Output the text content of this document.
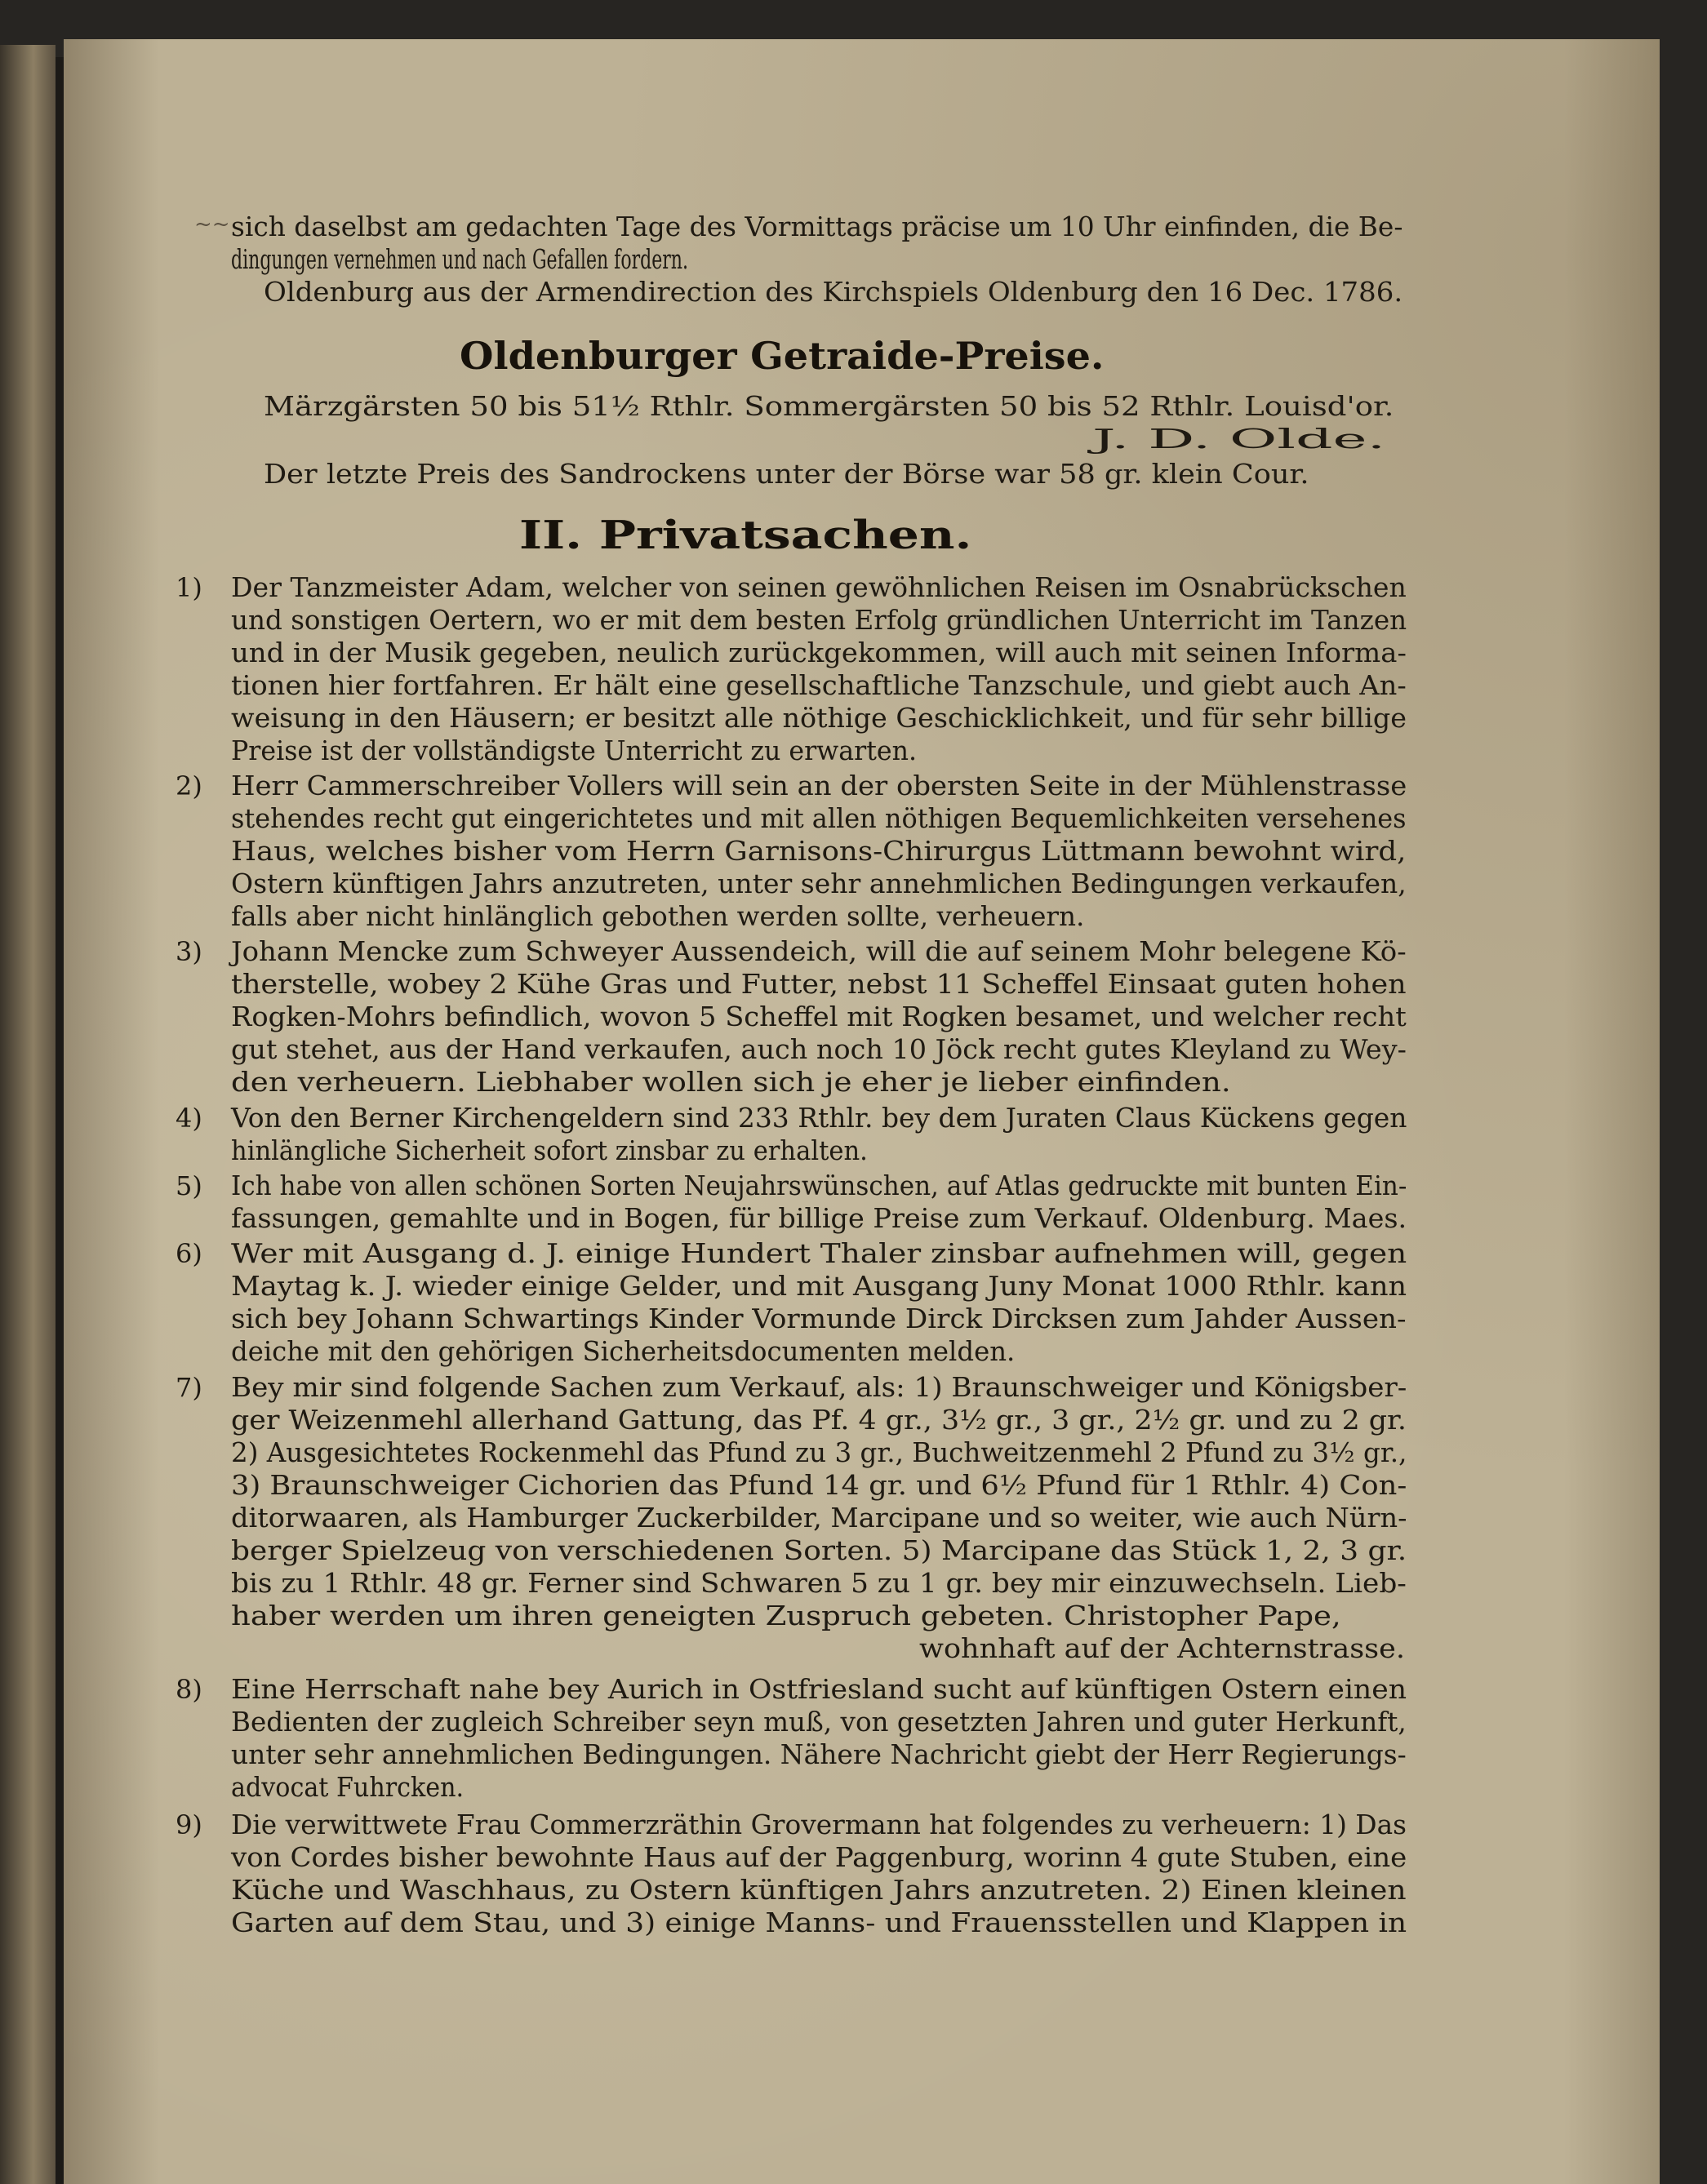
~~ sich daselbst am gedachten Tage des Vormittags präcise um 10 Uhr einfinden, die Be-

dingungen vernehmen und nach Gefallen fordern.

Oldenburg aus der Armendirection des Kirchspiels Oldenburg den 16 Dec. 1786.

Oldenburger Getraide-Preise.

Märzgärsten 50 bis 51½ Rthlr. Sommergärsten 50 bis 52 Rthlr. Louisd'or.

J. D. Olde.

Der letzte Preis des Sandrockens unter der Börse war 58 gr. klein Cour.

II. Privatsachen.

1) Der Tanzmeister Adam, welcher von seinen gewöhnlichen Reisen im Osnabrückschen

und sonstigen Oertern, wo er mit dem besten Erfolg gründlichen Unterricht im Tanzen

und in der Musik gegeben, neulich zurückgekommen, will auch mit seinen Informa-

tionen hier fortfahren. Er hält eine gesellschaftliche Tanzschule, und giebt auch An-

weisung in den Häusern; er besitzt alle nöthige Geschicklichkeit, und für sehr billige

Preise ist der vollständigste Unterricht zu erwarten.

2) Herr Cammerschreiber Vollers will sein an der obersten Seite in der Mühlenstrasse

stehendes recht gut eingerichtetes und mit allen nöthigen Bequemlichkeiten versehenes

Haus, welches bisher vom Herrn Garnisons-Chirurgus Lüttmann bewohnt wird,

Ostern künftigen Jahrs anzutreten, unter sehr annehmlichen Bedingungen verkaufen,

falls aber nicht hinlänglich gebothen werden sollte, verheuern.

3) Johann Mencke zum Schweyer Aussendeich, will die auf seinem Mohr belegene Kö-

therstelle, wobey 2 Kühe Gras und Futter, nebst 11 Scheffel Einsaat guten hohen

Rogken-Mohrs befindlich, wovon 5 Scheffel mit Rogken besamet, und welcher recht

gut stehet, aus der Hand verkaufen, auch noch 10 Jöck recht gutes Kleyland zu Wey-

den verheuern. Liebhaber wollen sich je eher je lieber einfinden.

4) Von den Berner Kirchengeldern sind 233 Rthlr. bey dem Juraten Claus Kückens gegen

hinlängliche Sicherheit sofort zinsbar zu erhalten.

5) Ich habe von allen schönen Sorten Neujahrswünschen, auf Atlas gedruckte mit bunten Ein-

fassungen, gemahlte und in Bogen, für billige Preise zum Verkauf. Oldenburg. Maes.

6) Wer mit Ausgang d. J. einige Hundert Thaler zinsbar aufnehmen will, gegen

Maytag k. J. wieder einige Gelder, und mit Ausgang Juny Monat 1000 Rthlr. kann

sich bey Johann Schwartings Kinder Vormunde Dirck Dircksen zum Jahder Aussen-

deiche mit den gehörigen Sicherheitsdocumenten melden.

7) Bey mir sind folgende Sachen zum Verkauf, als: 1) Braunschweiger und Königsber-

ger Weizenmehl allerhand Gattung, das Pf. 4 gr., 3½ gr., 3 gr., 2½ gr. und zu 2 gr.

2) Ausgesichtetes Rockenmehl das Pfund zu 3 gr., Buchweitzenmehl 2 Pfund zu 3½ gr.,

3) Braunschweiger Cichorien das Pfund 14 gr. und 6½ Pfund für 1 Rthlr. 4) Con-

ditorwaaren, als Hamburger Zuckerbilder, Marcipane und so weiter, wie auch Nürn-

berger Spielzeug von verschiedenen Sorten. 5) Marcipane das Stück 1, 2, 3 gr.

bis zu 1 Rthlr. 48 gr. Ferner sind Schwaren 5 zu 1 gr. bey mir einzuwechseln. Lieb-

haber werden um ihren geneigten Zuspruch gebeten. Christopher Pape,

wohnhaft auf der Achternstrasse.

8) Eine Herrschaft nahe bey Aurich in Ostfriesland sucht auf künftigen Ostern einen

Bedienten der zugleich Schreiber seyn muß, von gesetzten Jahren und guter Herkunft,

unter sehr annehmlichen Bedingungen. Nähere Nachricht giebt der Herr Regierungs-

advocat Fuhrcken.

9) Die verwittwete Frau Commerzräthin Grovermann hat folgendes zu verheuern: 1) Das

von Cordes bisher bewohnte Haus auf der Paggenburg, worinn 4 gute Stuben, eine

Küche und Waschhaus, zu Ostern künftigen Jahrs anzutreten. 2) Einen kleinen

Garten auf dem Stau, und 3) einige Manns- und Frauensstellen und Klappen in
